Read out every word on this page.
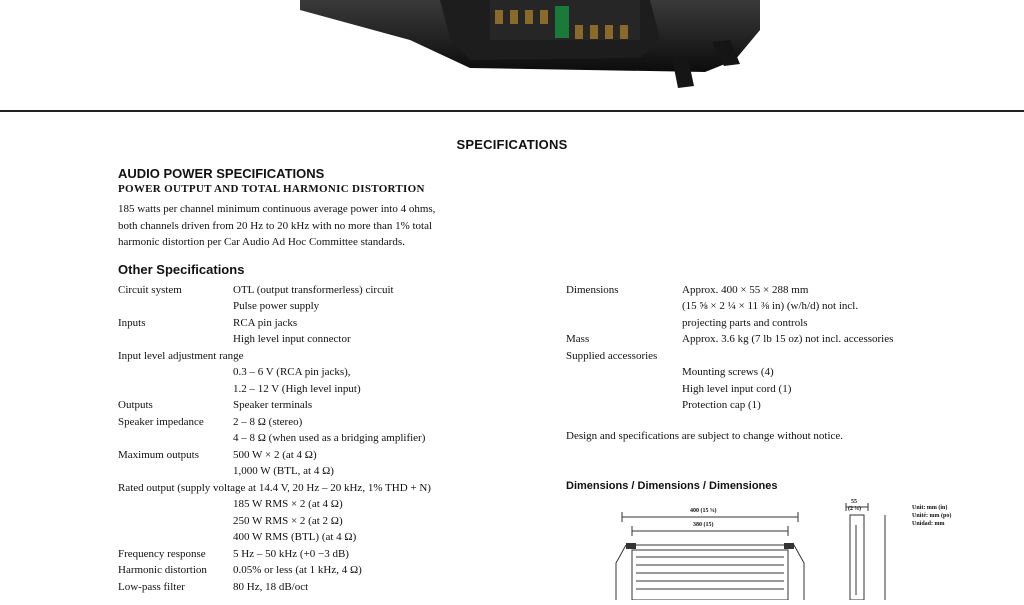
SPECIFICATIONS
AUDIO POWER SPECIFICATIONS
POWER OUTPUT AND TOTAL HARMONIC DISTORTION
185 watts per channel minimum continuous average power into 4 ohms,
both channels driven from 20 Hz to 20 kHz with no more than 1% total
harmonic distortion per Car Audio Ad Hoc Committee standards.
Other Specifications
Circuit system	OTL (output transformerless) circuit
Pulse power supply
Inputs	RCA pin jacks
High level input connector
Input level adjustment range
0.3 – 6 V (RCA pin jacks),
1.2 – 12 V (High level input)
Outputs	Speaker terminals
Speaker impedance	2 – 8 Ω (stereo)
4 – 8 Ω (when used as a bridging amplifier)
Maximum outputs	500 W × 2 (at 4 Ω)
1,000 W (BTL, at 4 Ω)
Rated output (supply voltage at 14.4 V, 20 Hz – 20 kHz, 1% THD + N)
185 W RMS × 2 (at 4 Ω)
250 W RMS × 2 (at 2 Ω)
400 W RMS (BTL) (at 4 Ω)
Frequency response 5 Hz – 50 kHz (+0 −3 dB)
Harmonic distortion 0.05% or less (at 1 kHz, 4 Ω)
Low-pass filter	80 Hz, 18 dB/oct
Dimensions	Approx. 400 × 55 × 288 mm
(15 ⅝ × 2 ¼ × 11 ⅜ in) (w/h/d) not incl.
projecting parts and controls
Mass	Approx. 3.6 kg (7 lb 15 oz) not incl. accessories
Supplied accessories
Mounting screws (4)
High level input cord (1)
Protection cap (1)
Design and specifications are subject to change without notice.
Dimensions / Dimensions / Dimensiones
400 (15 ⅝)
380 (15)
55
(2 ¼)	Unit: mm (in)
Unité: mm (po)
Unidad: mm
